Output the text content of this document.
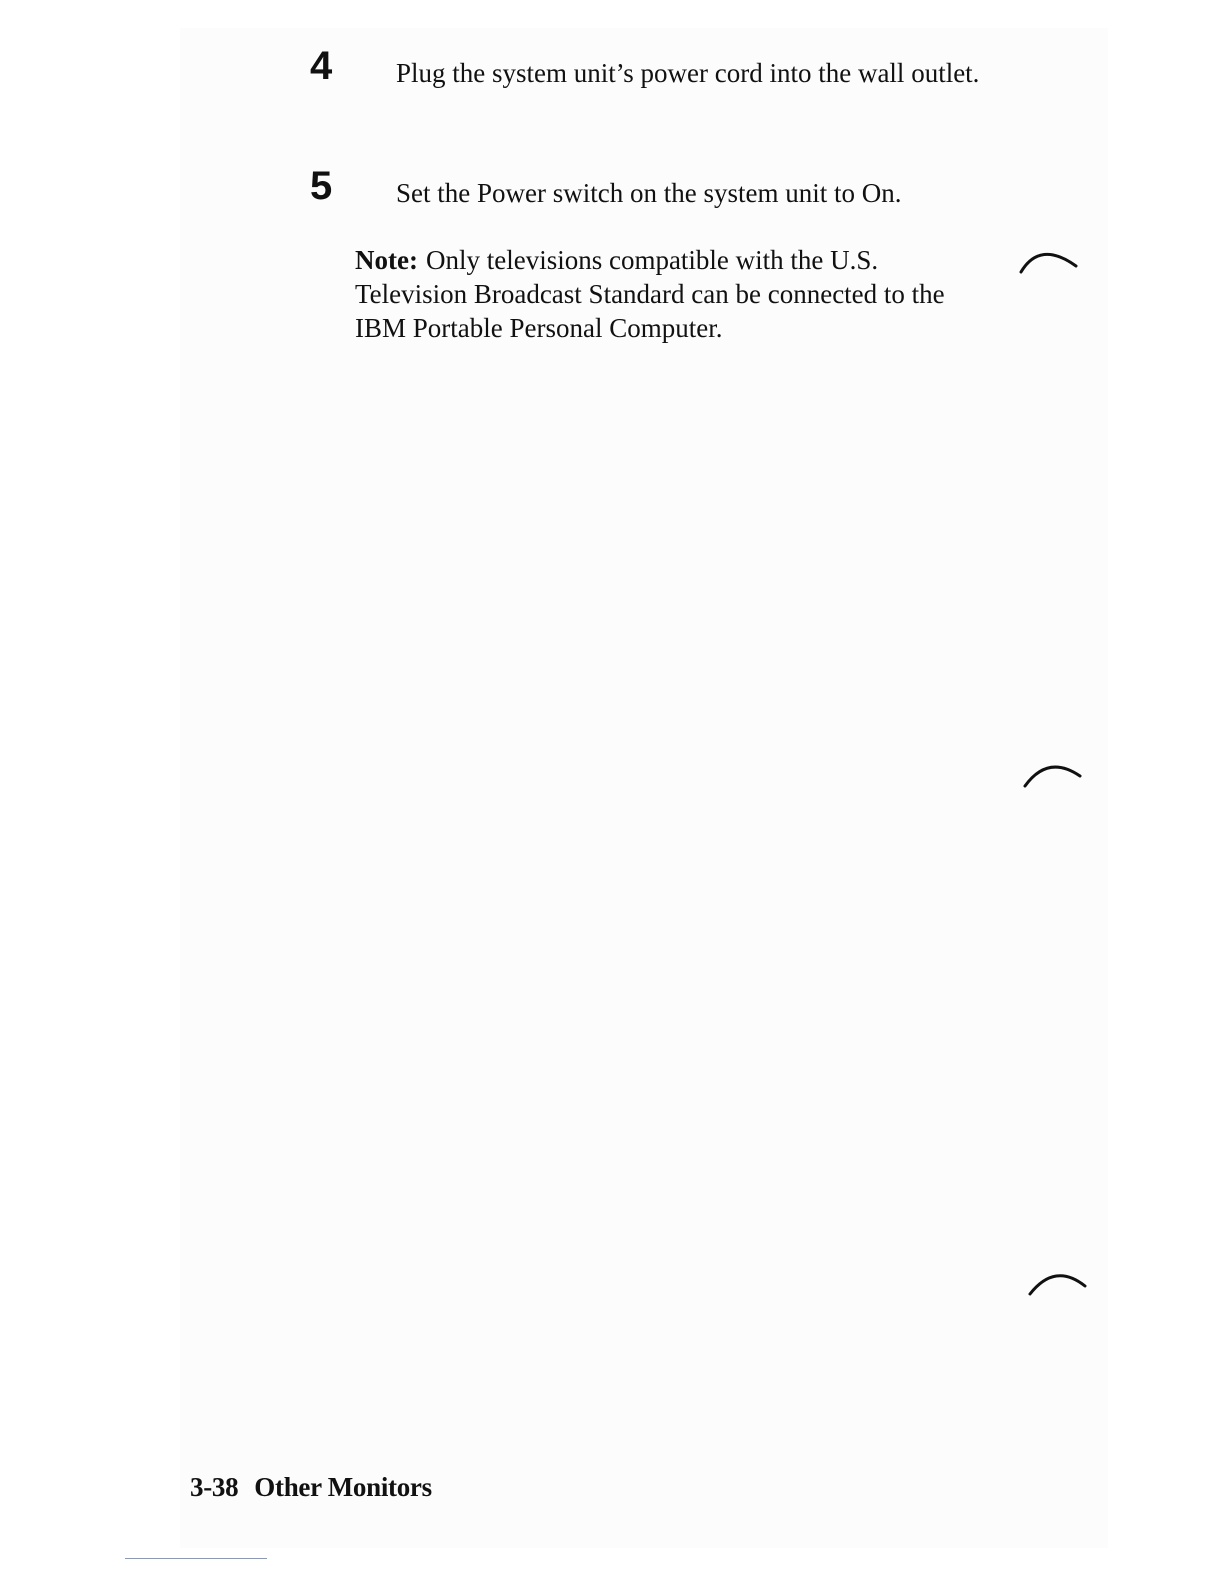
4 Plug the system unit’s power cord into the wall outlet.
5 Set the Power switch on the system unit to On.
Note: Only televisions compatible with the U.S. Television Broadcast Standard can be connected to the IBM Portable Personal Computer.
3-38 Other Monitors
